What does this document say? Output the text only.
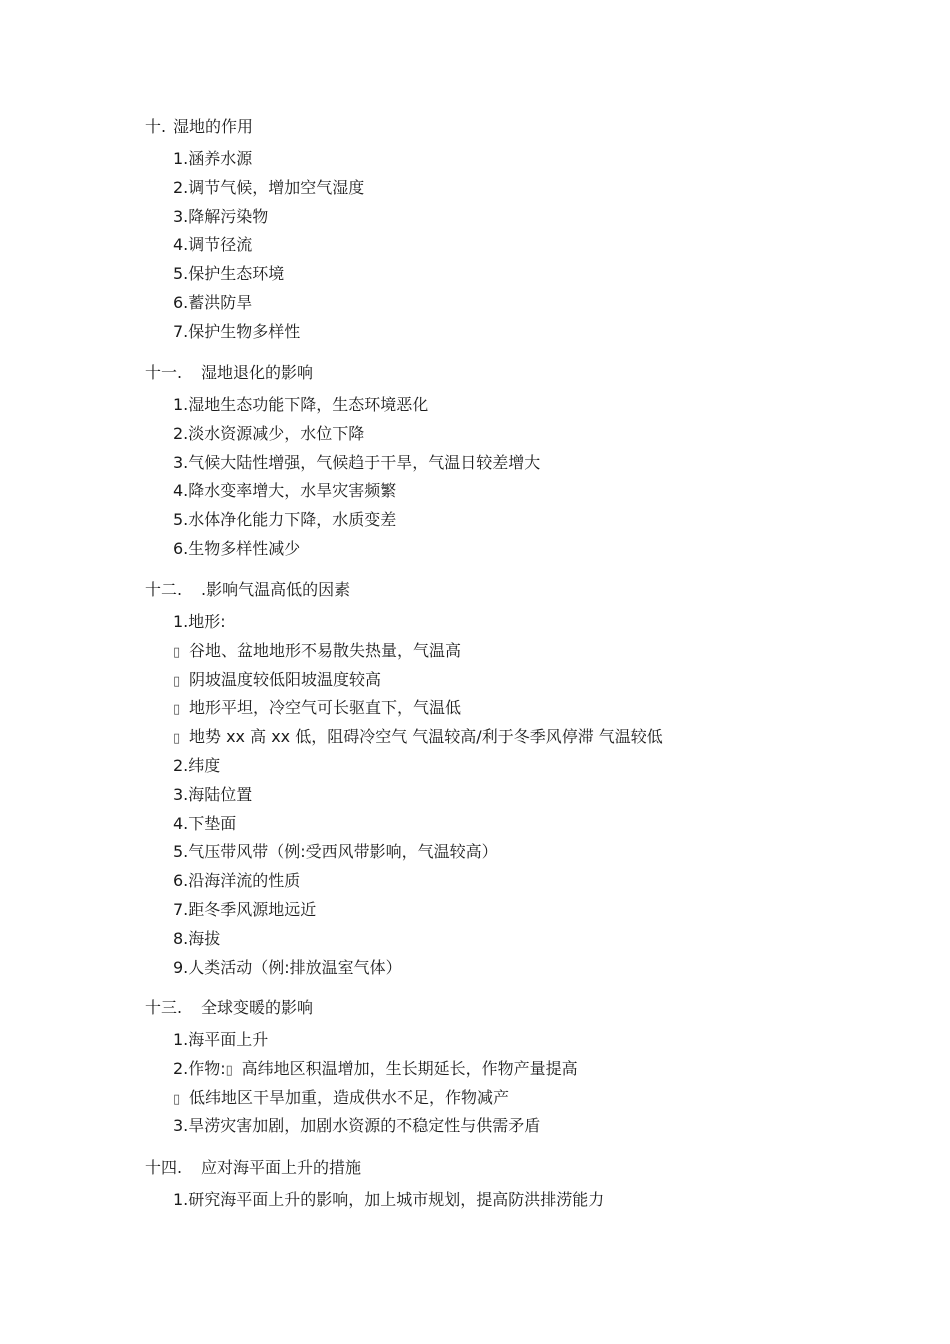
十. 湿地的作用
1.涵养水源
2.调节气候，增加空气湿度
3.降解污染物
4.调节径流
5.保护生态环境
6.蓄洪防旱
7.保护生物多样性
十一.	湿地退化的影响
1.湿地生态功能下降，生态环境恶化
2.淡水资源减少，水位下降
3.气候大陆性增强，气候趋于干旱，气温日较差增大
4.降水变率增大，水旱灾害频繁
5.水体净化能力下降，水质变差
6.生物多样性减少
十二.	.影响气温高低的因素
1.地形:
▯ 谷地、盆地地形不易散失热量，气温高
▯ 阴坡温度较低阳坡温度较高
▯ 地形平坦，冷空气可长驱直下，气温低
▯ 地势 xx 高 xx 低，阻碍冷空气 气温较高/利于冬季风停滞 气温较低
2.纬度
3.海陆位置
4.下垫面
5.气压带风带（例:受西风带影响，气温较高）
6.沿海洋流的性质
7.距冬季风源地远近
8.海拔
9.人类活动（例:排放温室气体）
十三.	全球变暖的影响
1.海平面上升
2.作物:▯ 高纬地区积温增加，生长期延长，作物产量提高
▯ 低纬地区干旱加重，造成供水不足，作物减产
3.旱涝灾害加剧，加剧水资源的不稳定性与供需矛盾
十四.	应对海平面上升的措施
1.研究海平面上升的影响，加上城市规划，提高防洪排涝能力
